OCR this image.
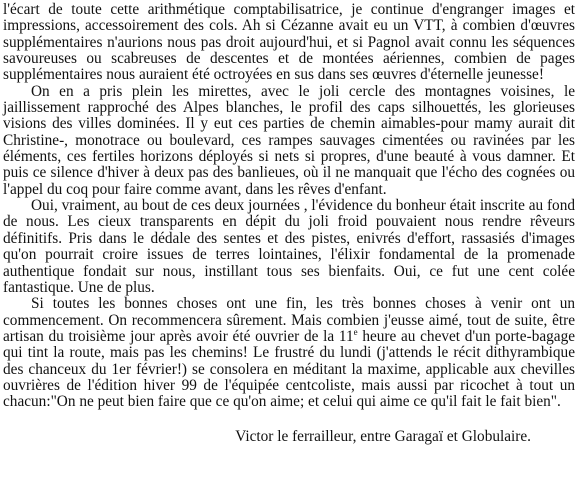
l'écart de toute cette arithmétique comptabilisatrice, je continue d'engranger images et impressions, accessoirement des cols. Ah si Cézanne avait eu un VTT, à combien d'œuvres supplémentaires n'aurions nous pas droit aujourd'hui, et si Pagnol avait connu les séquences savoureuses ou scabreuses de descentes et de montées aériennes, combien de pages supplémentaires nous auraient été octroyées en sus dans ses œuvres d'éternelle jeunesse!

On en a pris plein les mirettes, avec le joli cercle des montagnes voisines, le jaillissement rapproché des Alpes blanches, le profil des caps silhouettés, les glorieuses visions des villes dominées. Il y eut ces parties de chemin aimables-pour mamy aurait dit Christine-, monotrace ou boulevard, ces rampes sauvages cimentées ou ravinées par les éléments, ces fertiles horizons déployés si nets si propres, d'une beauté à vous damner. Et puis ce silence d'hiver à deux pas des banlieues, où il ne manquait que l'écho des cognées ou l'appel du coq pour faire comme avant, dans les rêves d'enfant.

Oui, vraiment, au bout de ces deux journées , l'évidence du bonheur était inscrite au fond de nous. Les cieux transparents en dépit du joli froid pouvaient nous rendre rêveurs définitifs. Pris dans le dédale des sentes et des pistes, enivrés d'effort, rassasiés d'images qu'on pourrait croire issues de terres lointaines, l'élixir fondamental de la promenade authentique fondait sur nous, instillant tous ses bienfaits. Oui, ce fut une cent colée fantastique. Une de plus.

Si toutes les bonnes choses ont une fin, les très bonnes choses à venir ont un commencement. On recommencera sûrement. Mais combien j'eusse aimé, tout de suite, être artisan du troisième jour après avoir été ouvrier de la 11e heure au chevet d'un porte-bagage qui tint la route, mais pas les chemins! Le frustré du lundi (j'attends le récit dithyrambique des chanceux du 1er février!) se consolera en méditant la maxime, applicable aux chevilles ouvrières de l'édition hiver 99 de l'équipée centcoliste, mais aussi par ricochet à tout un chacun:"On ne peut bien faire que ce qu'on aime; et celui qui aime ce qu'il fait le fait bien".

Victor le ferrailleur, entre Garagaï et Globulaire.
